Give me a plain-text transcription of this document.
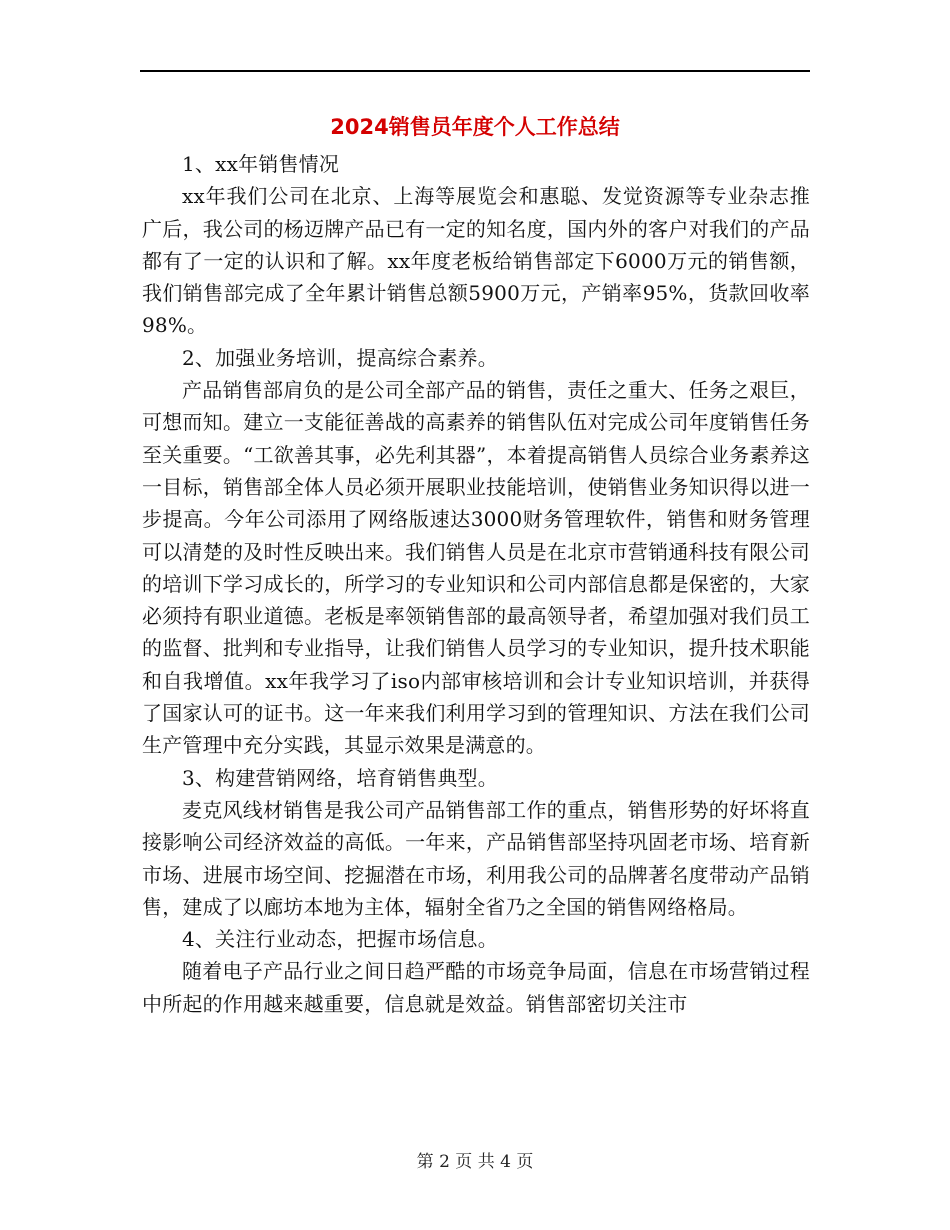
2024销售员年度个人工作总结

1、xx年销售情况

xx年我们公司在北京、上海等展览会和惠聪、发觉资源等专业杂志推广后，我公司的杨迈牌产品已有一定的知名度，国内外的客户对我们的产品都有了一定的认识和了解。xx年度老板给销售部定下6000万元的销售额，我们销售部完成了全年累计销售总额5900万元，产销率95%，货款回收率 98%。

2、加强业务培训，提高综合素养。

产品销售部肩负的是公司全部产品的销售，责任之重大、任务之艰巨，可想而知。建立一支能征善战的高素养的销售队伍对完成公司年度销售任务至关重要。“工欲善其事，必先利其器”，本着提高销售人员综合业务素养这一目标，销售部全体人员必须开展职业技能培训，使销售业务知识得以进一步提高。今年公司添用了网络版速达3000财务管理软件，销售和财务管理可以清楚的及时性反映出来。我们销售人员是在北京市营销通科技有限公司的培训下学习成长的，所学习的专业知识和公司内部信息都是保密的，大家必须持有职业道德。老板是率领销售部的最高领导者，希望加强对我们员工的监督、批判和专业指导，让我们销售人员学习的专业知识，提升技术职能和自我增值。xx年我学习了iso内部审核培训和会计专业知识培训，并获得了国家认可的证书。这一年来我们利用学习到的管理知识、方法在我们公司生产管理中充分实践，其显示效果是满意的。

3、构建营销网络，培育销售典型。

麦克风线材销售是我公司产品销售部工作的重点，销售形势的好坏将直接影响公司经济效益的高低。一年来，产品销售部坚持巩固老市场、培育新市场、进展市场空间、挖掘潜在市场，利用我公司的品牌著名度带动产品销售，建成了以廊坊本地为主体，辐射全省乃之全国的销售网络格局。

4、关注行业动态，把握市场信息。

随着电子产品行业之间日趋严酷的市场竞争局面，信息在市场营销过程中所起的作用越来越重要，信息就是效益。销售部密切关注市

第 2 页 共 4 页
